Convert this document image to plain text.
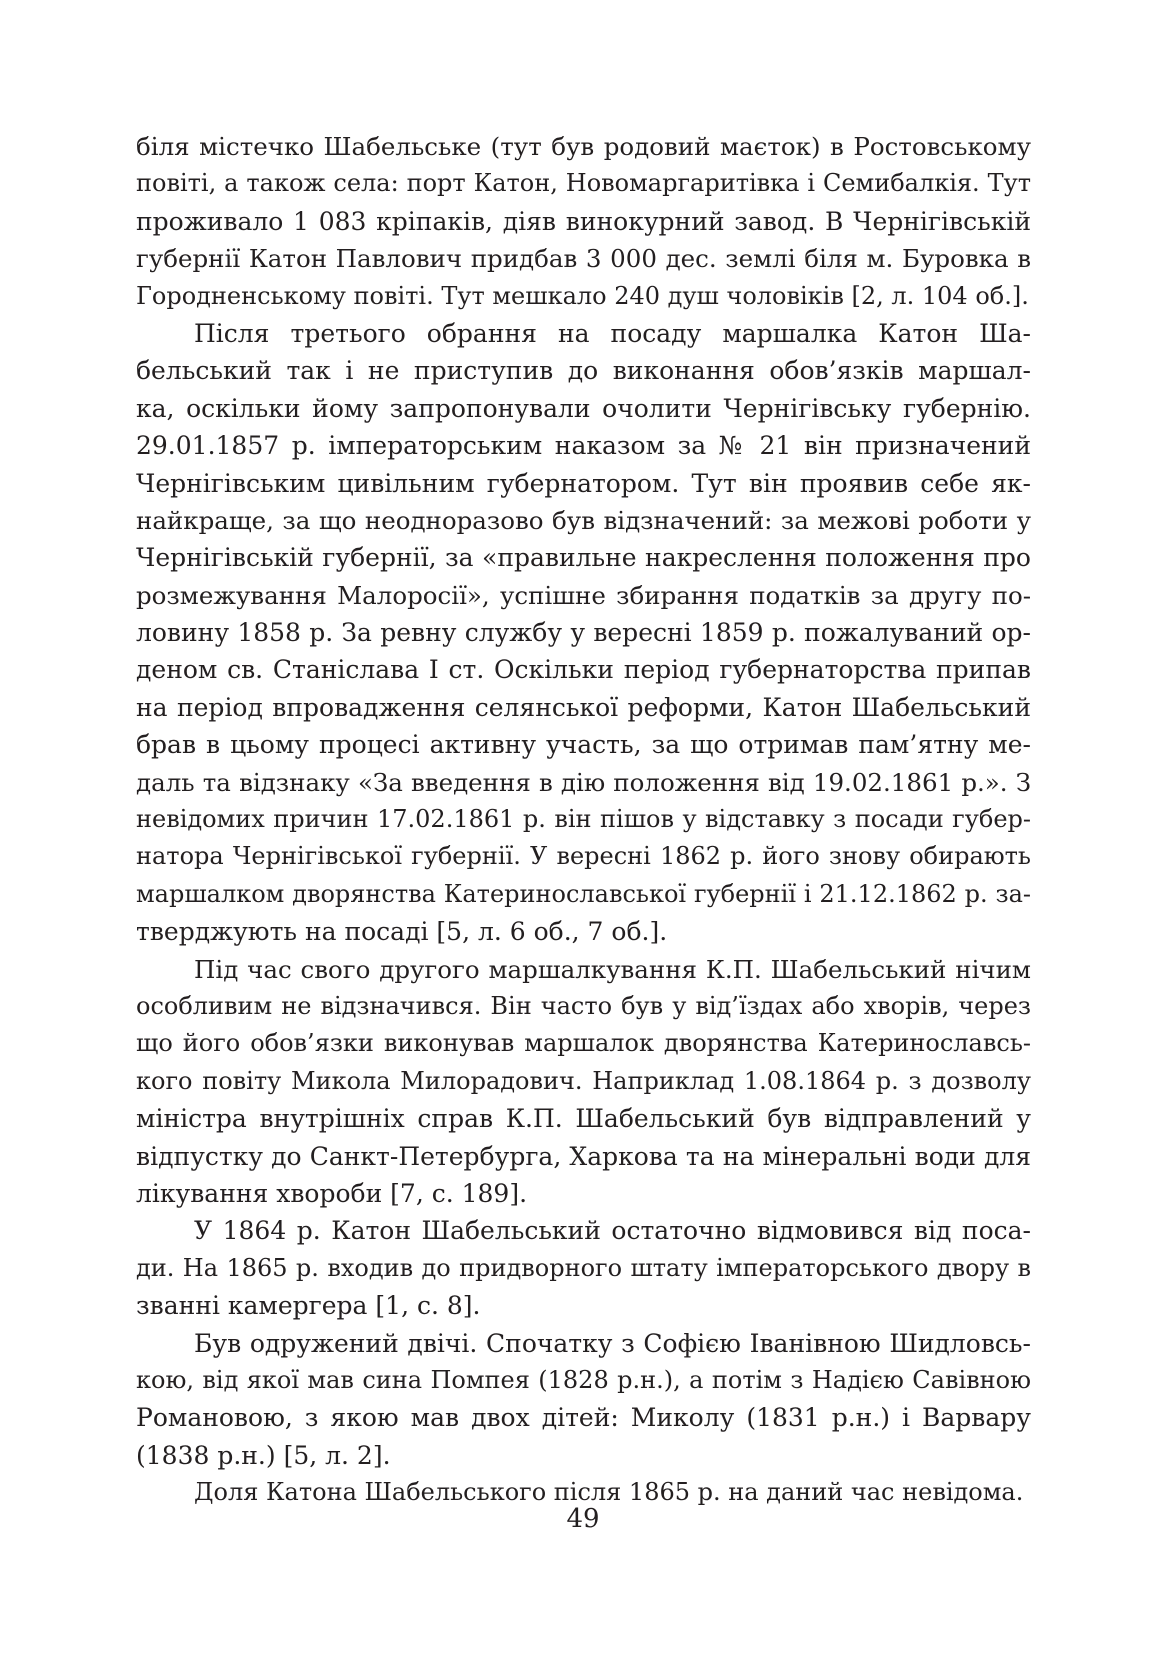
біля містечко Шабельське (тут був родовий маєток) в Ростовському
повіті, а також села: порт Катон, Новомаргаритівка і Семибалкія. Тут
проживало 1 083 кріпаків, діяв винокурний завод. В Чернігівській
губернії Катон Павлович придбав 3 000 дес. землі біля м. Буровка в
Городненському повіті. Тут мешкало 240 душ чоловіків [2, л. 104 об.].
Після третього обрання на посаду маршалка Катон Ша-
бельський так і не приступив до виконання обов’язків маршал-
ка, оскільки йому запропонували очолити Чернігівську губернію.
29.01.1857 р. імператорським наказом за № 21 він призначений
Чернігівським цивільним губернатором. Тут він проявив себе як-
найкраще, за що неодноразово був відзначений: за межові роботи у
Чернігівській губернії, за «правильне накреслення положення про
розмежування Малоросії», успішне збирання податків за другу по-
ловину 1858 р. За ревну службу у вересні 1859 р. пожалуваний ор-
деном св. Станіслава І ст. Оскільки період губернаторства припав
на період впровадження селянської реформи, Катон Шабельський
брав в цьому процесі активну участь, за що отримав пам’ятну ме-
даль та відзнаку «За введення в дію положення від 19.02.1861 р.». З
невідомих причин 17.02.1861 р. він пішов у відставку з посади губер-
натора Чернігівської губернії. У вересні 1862 р. його знову обирають
маршалком дворянства Катеринославської губернії і 21.12.1862 р. за-
тверджують на посаді [5, л. 6 об., 7 об.].
Під час свого другого маршалкування К.П. Шабельський нічим
особливим не відзначився. Він часто був у від’їздах або хворів, через
що його обов’язки виконував маршалок дворянства Катеринославсь-
кого повіту Микола Милорадович. Наприклад 1.08.1864 р. з дозволу
міністра внутрішніх справ К.П. Шабельський був відправлений у
відпустку до Санкт-Петербурга, Харкова та на мінеральні води для
лікування хвороби [7, с. 189].
У 1864 р. Катон Шабельський остаточно відмовився від поса-
ди. На 1865 р. входив до придворного штату імператорського двору в
званні камергера [1, с. 8].
Був одружений двічі. Спочатку з Софією Іванівною Шидловсь-
кою, від якої мав сина Помпея (1828 р.н.), а потім з Надією Савівною
Романовою, з якою мав двох дітей: Миколу (1831 р.н.) і Варвару
(1838 р.н.) [5, л. 2].
Доля Катона Шабельського після 1865 р. на даний час невідома.
49
